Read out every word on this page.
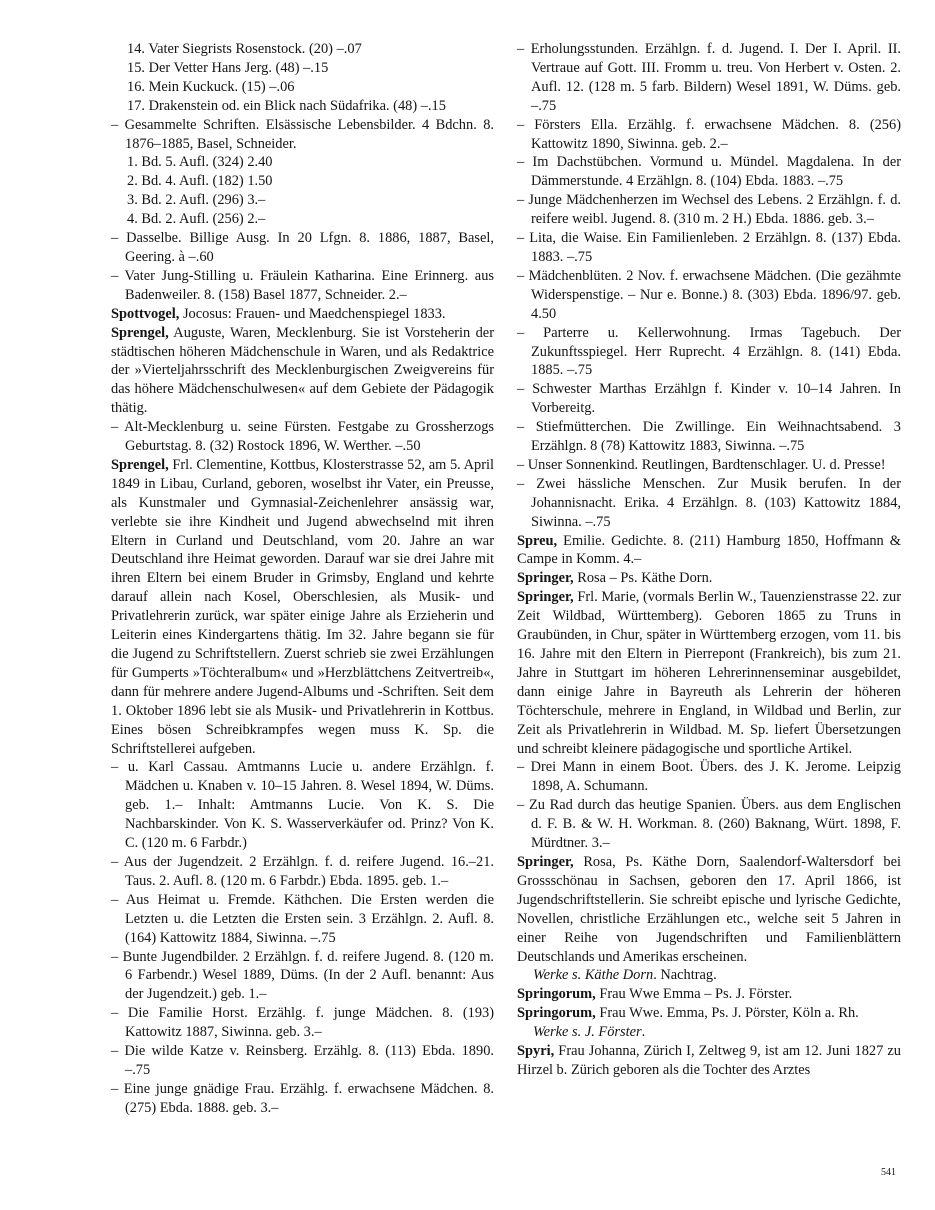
14. Vater Siegrists Rosenstock. (20) –.07

15. Der Vetter Hans Jerg. (48) –.15

16. Mein Kuckuck. (15) –.06

17. Drakenstein od. ein Blick nach Südafrika. (48) –.15

– Gesammelte Schriften. Elsässische Lebensbilder. 4 Bdchn. 8. 1876–1885, Basel, Schneider.

1. Bd. 5. Aufl. (324) 2.40

2. Bd. 4. Aufl. (182) 1.50

3. Bd. 2. Aufl. (296) 3.–

4. Bd. 2. Aufl. (256) 2.–

– Dasselbe. Billige Ausg. In 20 Lfgn. 8. 1886, 1887, Basel, Geering. à –.60

– Vater Jung-Stilling u. Fräulein Katharina. Eine Erinnerg. aus Badenweiler. 8. (158) Basel 1877, Schneider. 2.–

Spottvogel, Jocosus: Frauen- und Maedchenspiegel 1833.

Sprengel, Auguste, Waren, Mecklenburg. Sie ist Vorsteherin der städtischen höheren Mädchenschule in Waren, und als Redaktrice der »Vierteljahrsschrift des Mecklenburgischen Zweigvereins für das höhere Mädchenschulwesen« auf dem Gebiete der Pädagogik thätig.

– Alt-Mecklenburg u. seine Fürsten. Festgabe zu Grossherzogs Geburtstag. 8. (32) Rostock 1896, W. Werther. –.50

Sprengel, Frl. Clementine, Kottbus, Klosterstrasse 52, am 5. April 1849 in Libau, Curland, geboren, woselbst ihr Vater, ein Preusse, als Kunstmaler und Gymnasial-Zeichenlehrer ansässig war, verlebte sie ihre Kindheit und Jugend abwechselnd mit ihren Eltern in Curland und Deutschland, vom 20. Jahre an war Deutschland ihre Heimat geworden. Darauf war sie drei Jahre mit ihren Eltern bei einem Bruder in Grimsby, England und kehrte darauf allein nach Kosel, Oberschlesien, als Musik- und Privatlehrerin zurück, war später einige Jahre als Erzieherin und Leiterin eines Kindergartens thätig. Im 32. Jahre begann sie für die Jugend zu Schriftstellern. Zuerst schrieb sie zwei Erzählungen für Gumperts »Töchteralbum« und »Herzblättchens Zeitvertreib«, dann für mehrere andere Jugend-Albums und -Schriften. Seit dem 1. Oktober 1896 lebt sie als Musik- und Privatlehrerin in Kottbus. Eines bösen Schreibkrampfes wegen muss K. Sp. die Schriftstellerei aufgeben.

– u. Karl Cassau. Amtmanns Lucie u. andere Erzählgn. f. Mädchen u. Knaben v. 10–15 Jahren. 8. Wesel 1894, W. Düms. geb. 1.– Inhalt: Amtmanns Lucie. Von K. S. Die Nachbarskinder. Von K. S. Wasserverkäufer od. Prinz? Von K. C. (120 m. 6 Farbdr.)

– Aus der Jugendzeit. 2 Erzählgn. f. d. reifere Jugend. 16.–21. Taus. 2. Aufl. 8. (120 m. 6 Farbdr.) Ebda. 1895. geb. 1.–

– Aus Heimat u. Fremde. Käthchen. Die Ersten werden die Letzten u. die Letzten die Ersten sein. 3 Erzählgn. 2. Aufl. 8. (164) Kattowitz 1884, Siwinna. –.75

– Bunte Jugendbilder. 2 Erzählgn. f. d. reifere Jugend. 8. (120 m. 6 Farbendr.) Wesel 1889, Düms. (In der 2 Aufl. benannt: Aus der Jugendzeit.) geb. 1.–

– Die Familie Horst. Erzählg. f. junge Mädchen. 8. (193) Kattowitz 1887, Siwinna. geb. 3.–

– Die wilde Katze v. Reinsberg. Erzählg. 8. (113) Ebda. 1890. –.75

– Eine junge gnädige Frau. Erzählg. f. erwachsene Mädchen. 8. (275) Ebda. 1888. geb. 3.–

– Erholungsstunden. Erzählgn. f. d. Jugend. I. Der I. April. II. Vertraue auf Gott. III. Fromm u. treu. Von Herbert v. Osten. 2. Aufl. 12. (128 m. 5 farb. Bildern) Wesel 1891, W. Düms. geb. –.75

– Försters Ella. Erzählg. f. erwachsene Mädchen. 8. (256) Kattowitz 1890, Siwinna. geb. 2.–

– Im Dachstübchen. Vormund u. Mündel. Magdalena. In der Dämmerstunde. 4 Erzählgn. 8. (104) Ebda. 1883. –.75

– Junge Mädchenherzen im Wechsel des Lebens. 2 Erzählgn. f. d. reifere weibl. Jugend. 8. (310 m. 2 H.) Ebda. 1886. geb. 3.–

– Lita, die Waise. Ein Familienleben. 2 Erzählgn. 8. (137) Ebda. 1883. –.75

– Mädchenblüten. 2 Nov. f. erwachsene Mädchen. (Die gezähmte Widerspenstige. – Nur e. Bonne.) 8. (303) Ebda. 1896/97. geb. 4.50

– Parterre u. Kellerwohnung. Irmas Tagebuch. Der Zukunftsspiegel. Herr Ruprecht. 4 Erzählgn. 8. (141) Ebda. 1885. –.75

– Schwester Marthas Erzählgn f. Kinder v. 10–14 Jahren. In Vorbereitg.

– Stiefmütterchen. Die Zwillinge. Ein Weihnachtsabend. 3 Erzählgn. 8 (78) Kattowitz 1883, Siwinna. –.75

– Unser Sonnenkind. Reutlingen, Bardtenschlager. U. d. Presse!

– Zwei hässliche Menschen. Zur Musik berufen. In der Johannisnacht. Erika. 4 Erzählgn. 8. (103) Kattowitz 1884, Siwinna. –.75

Spreu, Emilie. Gedichte. 8. (211) Hamburg 1850, Hoffmann & Campe in Komm. 4.–

Springer, Rosa – Ps. Käthe Dorn.

Springer, Frl. Marie, (vormals Berlin W., Tauenzienstrasse 22. zur Zeit Wildbad, Württemberg). Geboren 1865 zu Truns in Graubünden, in Chur, später in Württemberg erzogen, vom 11. bis 16. Jahre mit den Eltern in Pierrepont (Frankreich), bis zum 21. Jahre in Stuttgart im höheren Lehrerinnenseminar ausgebildet, dann einige Jahre in Bayreuth als Lehrerin der höheren Töchterschule, mehrere in England, in Wildbad und Berlin, zur Zeit als Privatlehrerin in Wildbad. M. Sp. liefert Übersetzungen und schreibt kleinere pädagogische und sportliche Artikel.

– Drei Mann in einem Boot. Übers. des J. K. Jerome. Leipzig 1898, A. Schumann.

– Zu Rad durch das heutige Spanien. Übers. aus dem Englischen d. F. B. & W. H. Workman. 8. (260) Baknang, Würt. 1898, F. Mürdtner. 3.–

Springer, Rosa, Ps. Käthe Dorn, Saalendorf-Waltersdorf bei Grossschönau in Sachsen, geboren den 17. April 1866, ist Jugendschriftstellerin. Sie schreibt epische und lyrische Gedichte, Novellen, christliche Erzählungen etc., welche seit 5 Jahren in einer Reihe von Jugendschriften und Familienblättern Deutschlands und Amerikas erscheinen.

Werke s. Käthe Dorn. Nachtrag.

Springorum, Frau Wwe Emma – Ps. J. Förster.

Springorum, Frau Wwe. Emma, Ps. J. Pörster, Köln a. Rh.

Werke s. J. Förster.

Spyri, Frau Johanna, Zürich I, Zeltweg 9, ist am 12. Juni 1827 zu Hirzel b. Zürich geboren als die Tochter des Arztes

541
